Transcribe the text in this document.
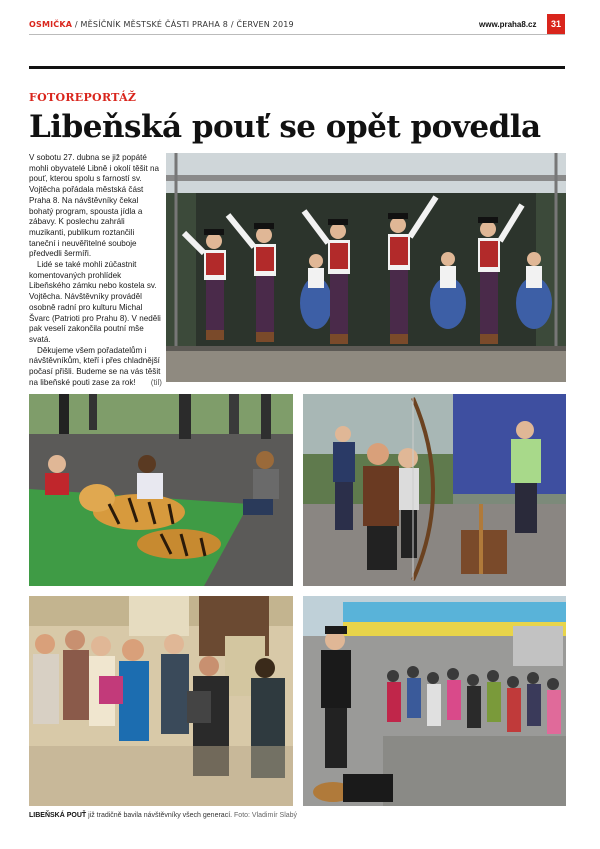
OSMIČKA / MĚSÍČNÍK MĚSTSKÉ ČÁSTI PRAHA 8 / ČERVEN 2019	www.praha8.cz	31
FOTOREPORTÁŽ
Libeňská pouť se opět povedla

V sobotu 27. dubna se již popáté mohli obyvatelé Libně i okolí těšit na pouť, kterou spolu s farností sv. Vojtěcha pořádala městská část Praha 8. Na návštěvníky čekal bohatý program, spousta jídla a zábavy. K poslechu zahráli muzikanti, publikum roztančili taneční i neuvěřitelné souboje předvedli šermíři.

Lidé se také mohli zúčastnit komentovaných prohlídek Libeňského zámku nebo kostela sv. Vojtěcha. Návštěvníky prováděl osobně radní pro kulturu Michal Švarc (Patrioti pro Prahu 8). V neděli pak veselí zakončila poutní mše svatá.

Děkujeme všem pořadatelům i návštěvníkům, kteří i přes chladnější počasí přišli. Budeme se na vás těšit na libeňské pouti zase za rok!	(til)

LIBEŇSKÁ POUŤ již tradičně bavila návštěvníky všech generací. Foto: Vladimír Slabý
